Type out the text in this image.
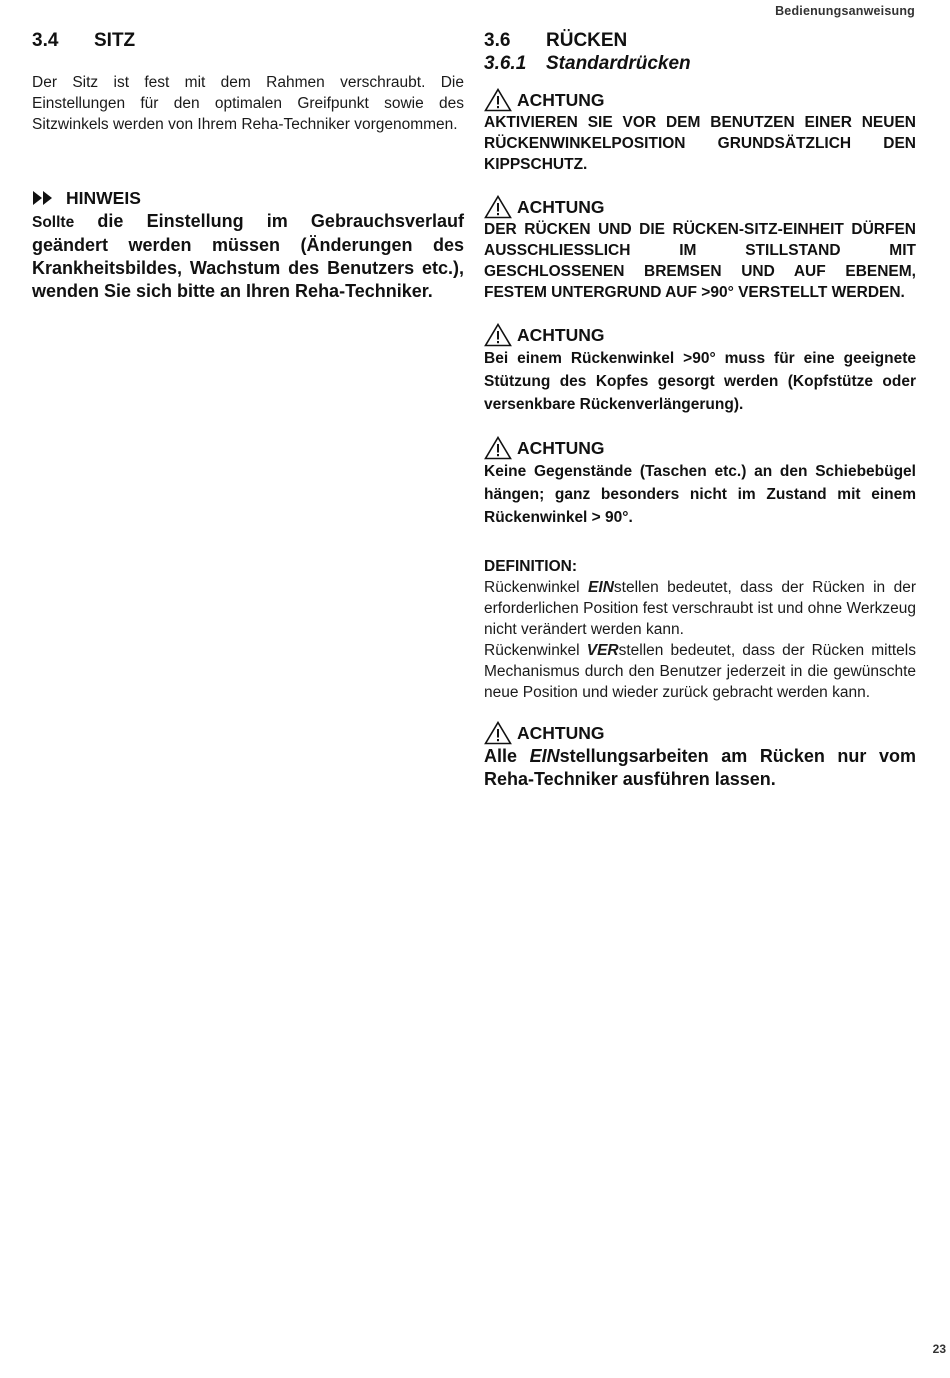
Bedienungsanweisung
3.4	SITZ

Der Sitz ist fest mit dem Rahmen verschraubt. Die Einstellungen für den optimalen Greifpunkt sowie des Sitzwinkels werden von Ihrem Reha-Techniker vorgenommen.

HINWEIS

Sollte die Einstellung im Gebrauchsverlauf geändert werden müssen (Änderungen des Krankheitsbildes, Wachstum des Benutzers etc.), wenden Sie sich bitte an Ihren Reha-Techniker.

3.6	RÜCKEN
3.6.1	Standardrücken
ACHTUNG

AKTIVIEREN SIE VOR DEM BENUTZEN EINER NEUEN RÜCKENWINKELPOSITION GRUNDSÄTZLICH DEN KIPPSCHUTZ.

ACHTUNG

DER RÜCKEN UND DIE RÜCKEN-SITZ-EINHEIT DÜRFEN AUSSCHLIESSLICH IM STILLSTAND MIT GESCHLOSSENEN BREMSEN UND AUF EBENEM, FESTEM UNTERGRUND AUF >90° VERSTELLT WERDEN.

ACHTUNG

Bei einem Rückenwinkel >90° muss für eine geeignete Stützung des Kopfes gesorgt werden (Kopfstütze oder versenkbare Rückenverlängerung).

ACHTUNG

Keine Gegenstände (Taschen etc.) an den Schiebebügel hängen; ganz besonders nicht im Zustand mit einem Rückenwinkel > 90°.

DEFINITION:

Rückenwinkel EINstellen bedeutet, dass der Rücken in der erforderlichen Position fest verschraubt ist und ohne Werkzeug nicht verändert werden kann.

Rückenwinkel VERstellen bedeutet, dass der Rücken mittels Mechanismus durch den Benutzer jederzeit in die gewünschte neue Position und wieder zurück gebracht werden kann.

ACHTUNG

Alle EINstellungsarbeiten am Rücken nur vom Reha-Techniker ausführen lassen.

23
